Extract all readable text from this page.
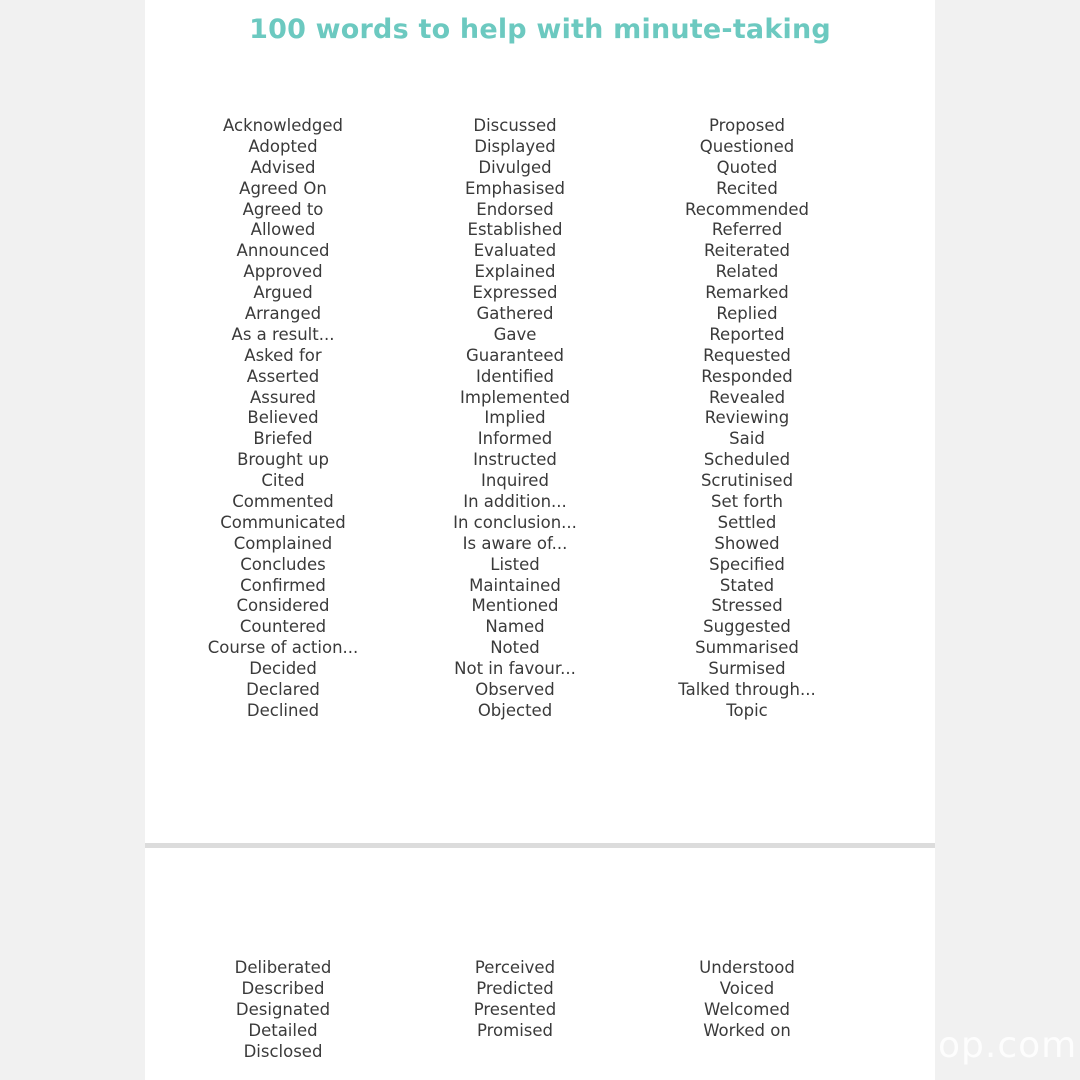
100 words to help with minute-taking
Acknowledged
Adopted
Advised
Agreed On
Agreed to
Allowed
Announced
Approved
Argued
Arranged
As a result...
Asked for
Asserted
Assured
Believed
Briefed
Brought up
Cited
Commented
Communicated
Complained
Concludes
Confirmed
Considered
Countered
Course of action...
Decided
Declared
Declined
Discussed
Displayed
Divulged
Emphasised
Endorsed
Established
Evaluated
Explained
Expressed
Gathered
Gave
Guaranteed
Identified
Implemented
Implied
Informed
Instructed
Inquired
In addition...
In conclusion...
Is aware of...
Listed
Maintained
Mentioned
Named
Noted
Not in favour...
Observed
Objected
Proposed
Questioned
Quoted
Recited
Recommended
Referred
Reiterated
Related
Remarked
Replied
Reported
Requested
Responded
Revealed
Reviewing
Said
Scheduled
Scrutinised
Set forth
Settled
Showed
Specified
Stated
Stressed
Suggested
Summarised
Surmised
Talked through...
Topic
Deliberated
Described
Designated
Detailed
Disclosed
Perceived
Predicted
Presented
Promised
Understood
Voiced
Welcomed
Worked on	op.com
